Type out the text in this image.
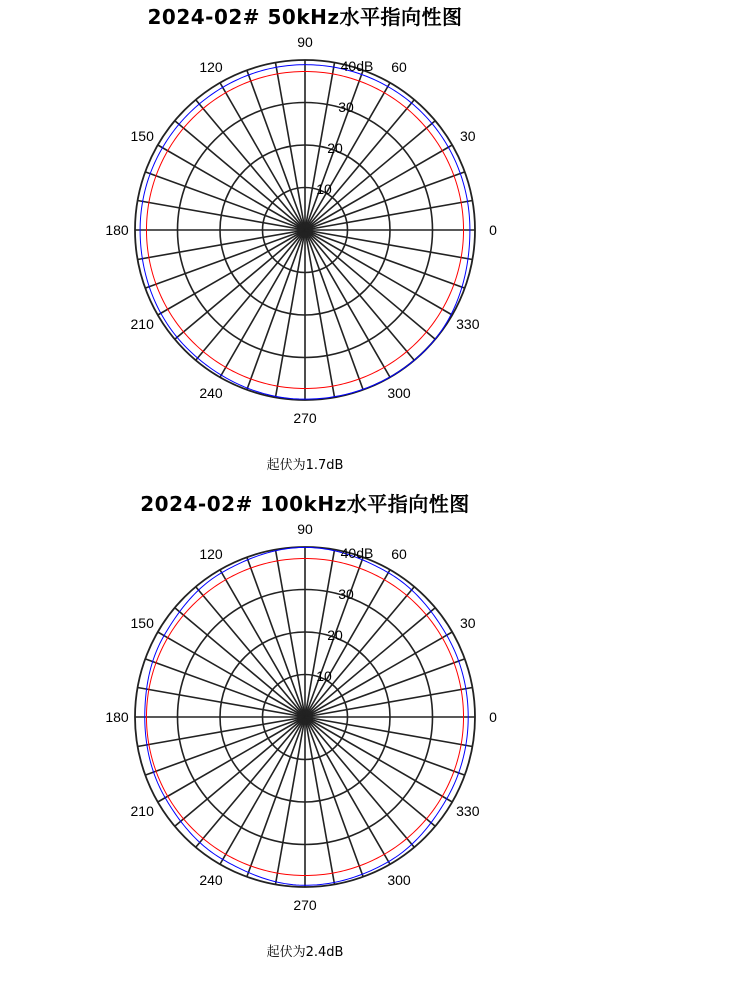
2024-02# 50kHz水平指向性图
10
20
30
40dB
0
30
60
90
120
150
180
210
240
270
300
330
起伏为1.7dB
2024-02# 100kHz水平指向性图
10
20
30
40dB
0
30
60
90
120
150
180
210
240
270
300
330
起伏为2.4dB
